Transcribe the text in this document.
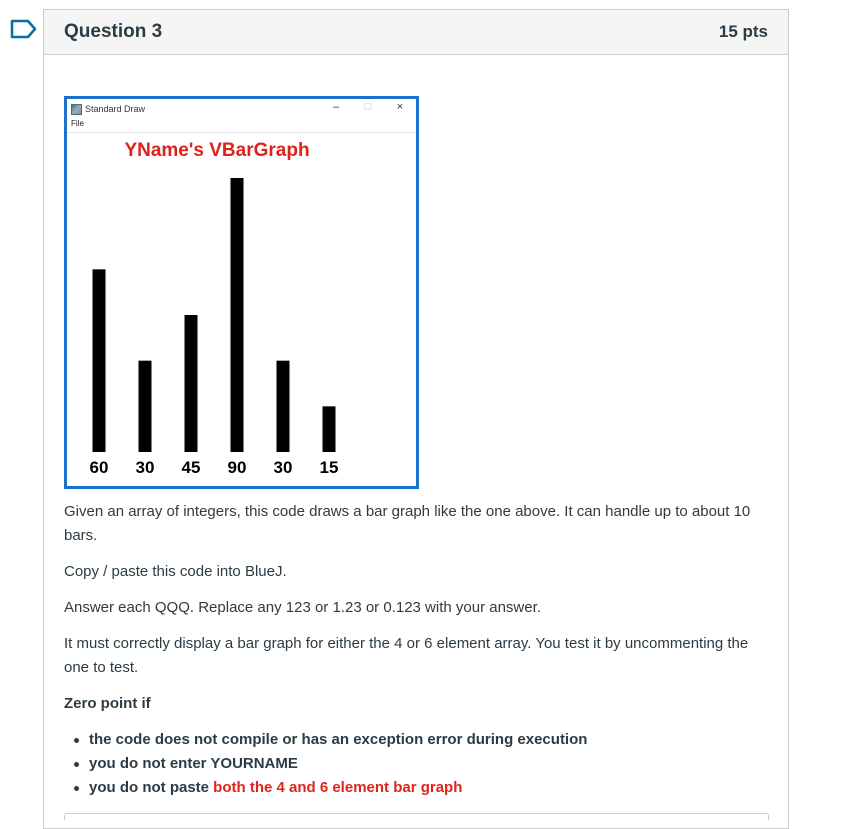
Question 3	15 pts
Standard Draw	– □ ×
File
YName's VBarGraph
60 30 45 90 30 15

Given an array of integers, this code draws a bar graph like the one above. It can handle up to about 10 bars.

Copy / paste this code into BlueJ.

Answer each QQQ. Replace any 123 or 1.23 or 0.123 with your answer.

It must correctly display a bar graph for either the 4 or 6 element array. You test it by uncommenting the one to test.

Zero point if

the code does not compile or has an exception error during execution
you do not enter YOURNAME
you do not paste both the 4 and 6 element bar graph
